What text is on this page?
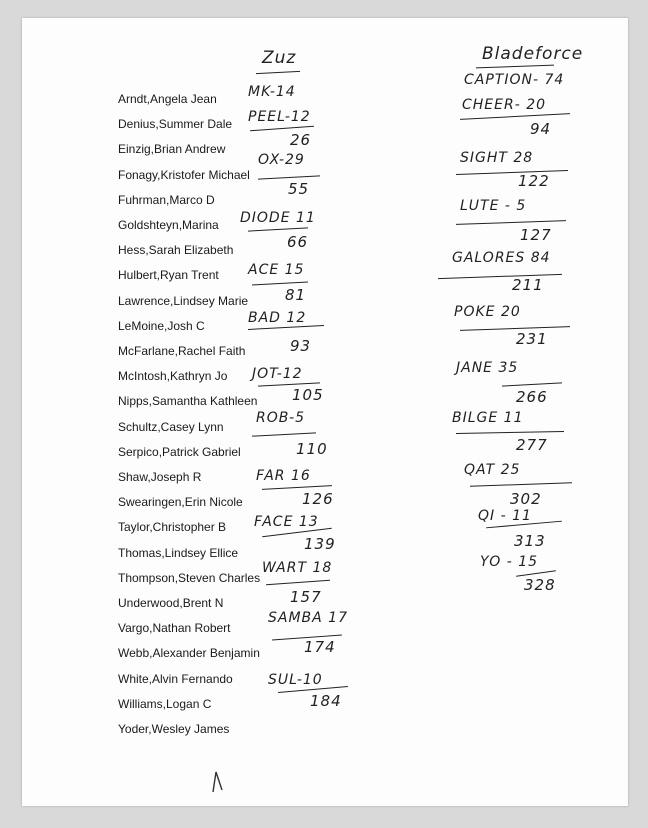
Arndt,Angela Jean
Denius,Summer Dale
Einzig,Brian Andrew
Fonagy,Kristofer Michael
Fuhrman,Marco D
Goldshteyn,Marina
Hess,Sarah Elizabeth
Hulbert,Ryan Trent
Lawrence,Lindsey Marie
LeMoine,Josh C
McFarlane,Rachel Faith
McIntosh,Kathryn Jo
Nipps,Samantha Kathleen
Schultz,Casey Lynn
Serpico,Patrick Gabriel
Shaw,Joseph R
Swearingen,Erin Nicole
Taylor,Christopher B
Thomas,Lindsey Ellice
Thompson,Steven Charles
Underwood,Brent N
Vargo,Nathan Robert
Webb,Alexander Benjamin
White,Alvin Fernando
Williams,Logan C
Yoder,Wesley James
Zuz
MK-14
PEEL-12
26
OX-29
55
DIODE 11
66
ACE 15
81
BAD 12
93
JOT-12
105
ROB-5
110
FAR 16
126
FACE 13
139
WART 18
157
SAMBA 17
174
SUL-10
184
Bladeforce
CAPTION- 74
CHEER- 20
94
SIGHT 28
122
LUTE - 5
127
GALORES 84
211
POKE 20
231
JANE 35
266
BILGE 11
277
QAT 25
302
QI - 11
313
YO - 15
328
